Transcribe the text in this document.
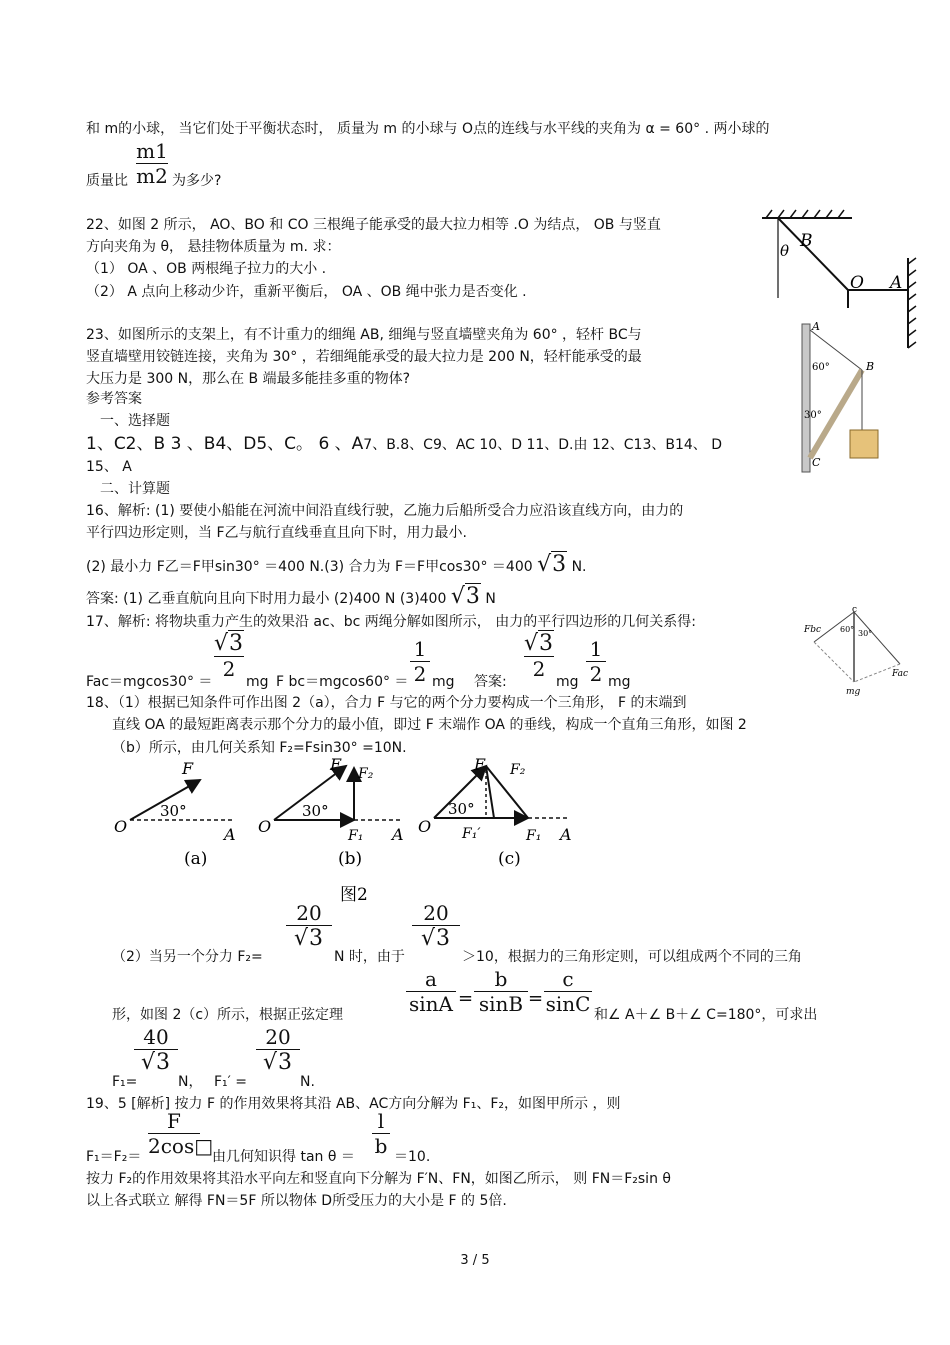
和 m的小球， 当它们处于平衡状态时， 质量为 m 的小球与 O点的连线与水平线的夹角为 α = 60° . 两小球的
质量比
m1
m2 为多少?
22、如图 2 所示， AO、BO 和 CO 三根绳子能承受的最大拉力相等 .O 为结点， OB 与竖直
方向夹角为 θ， 悬挂物体质量为 m. 求：
（1） OA 、OB 两根绳子拉力的大小 .
（2） A 点向上移动少许，重新平衡后， OA 、OB 绳中张力是否变化 .
B
θ
O A
23、如图所示的支架上，有不计重力的细绳 AB, 细绳与竖直墙壁夹角为 60° ，轻杆 BC与
竖直墙壁用铰链连接，夹角为 30° ，若细绳能承受的最大拉力是 200 N，轻杆能承受的最
大压力是 300 N，那么在 B 端最多能挂多重的物体?
A
60°	B
30°
C
参考答案
一、选择题
1、C2、B 3 、B4、D5、C。 6 、A7、B.8、C9、AC 10、D 11、D.由 12、C13、B14、 D
15、 A
二、计算题
16、解析: (1) 要使小船能在河流中间沿直线行驶，乙施力后船所受合力应沿该直线方向，由力的
平行四边形定则，当 F乙与航行直线垂直且向下时，用力最小.
(2) 最小力 F乙＝F甲sin30° ＝400 N.(3) 合力为 F＝F甲cos30° ＝400 √3 N.
答案: (1) 乙垂直航向且向下时用力最小 (2)400 N (3)400 √3 N
17、解析: 将物块重力产生的效果沿 ac、bc 两绳分解如图所示， 由力的平行四边形的几何关系得:
Fac＝mgcos30° ＝
√3
2
mg F bc＝mgcos60° ＝
1
2 mg 答案:
√3
2
mg
1
2 mg
Fbc
c
60° 30°
Fac
mg
18、（1）根据已知条件可作出图 2（a），合力 F 与它的两个分力要构成一个三角形， F 的末端到
直线 OA 的最短距离表示那个分力的最小值，即过 F 末端作 OA 的垂线，构成一个直角三角形，如图 2
（b）所示，由几何关系知 F₂=Fsin30° =10N.
F
30°
O	A
(a)
F F₂
30°
O	F₁ A
(b)
F F₂
30°
O F₁′	F₁ A
(c)
图2
（2）当另一个分力 F₂=
20
√3
N 时，由于
20
√3
＞10，根据力的三角形定则，可以组成两个不同的三角
形，如图 2（c）所示，根据正弦定理
a
sinA =
b
sinB =
c
sinC 和∠ A＋∠ B＋∠ C=180°，可求出
F₁=
40
√3
N， F₁′ =
20
√3
N.
19、5 [解析] 按力 F 的作用效果将其沿 AB、AC方向分解为 F₁、F₂，如图甲所示 ，则
F₁＝F₂＝
F
2cos□
由几何知识得 tan θ ＝
l
b ＝10.
按力 F₂的作用效果将其沿水平向左和竖直向下分解为 F′N、FN，如图乙所示， 则 FN＝F₂sin θ
以上各式联立 解得 FN＝5F 所以物体 D所受压力的大小是 F 的 5倍.
3 / 5
